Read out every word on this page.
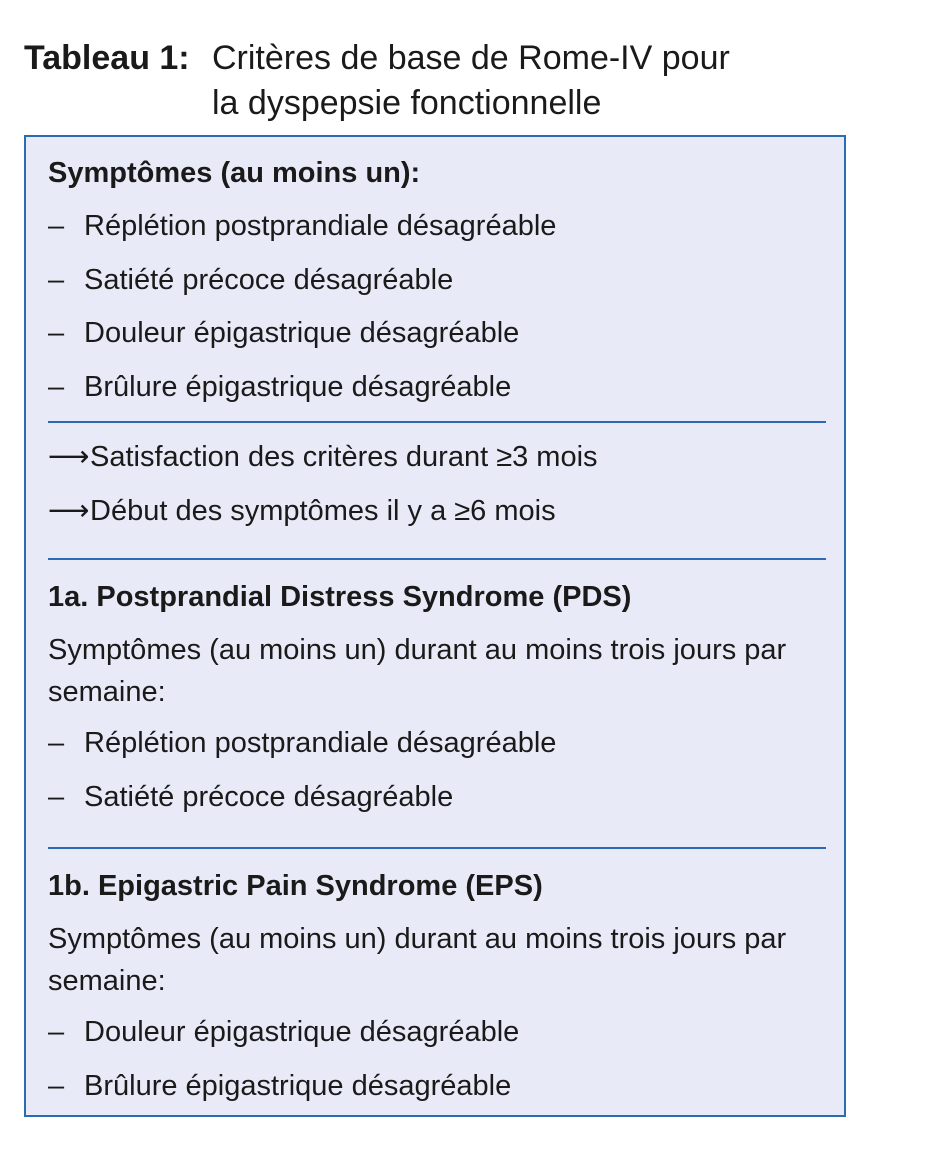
Tableau 1: Critères de base de Rome-IV pour
la dyspepsie fonctionnelle
Symptômes (au moins un):
– Réplétion postprandiale désagréable
– Satiété précoce désagréable
– Douleur épigastrique désagréable
– Brûlure épigastrique désagréable
⟶Satisfaction des critères durant ≥3 mois
⟶Début des symptômes il y a ≥6 mois
1a. Postprandial Distress Syndrome (PDS)
Symptômes (au moins un) durant au moins trois jours par semaine:
– Réplétion postprandiale désagréable
– Satiété précoce désagréable
1b. Epigastric Pain Syndrome (EPS)
Symptômes (au moins un) durant au moins trois jours par semaine:
– Douleur épigastrique désagréable
– Brûlure épigastrique désagréable
